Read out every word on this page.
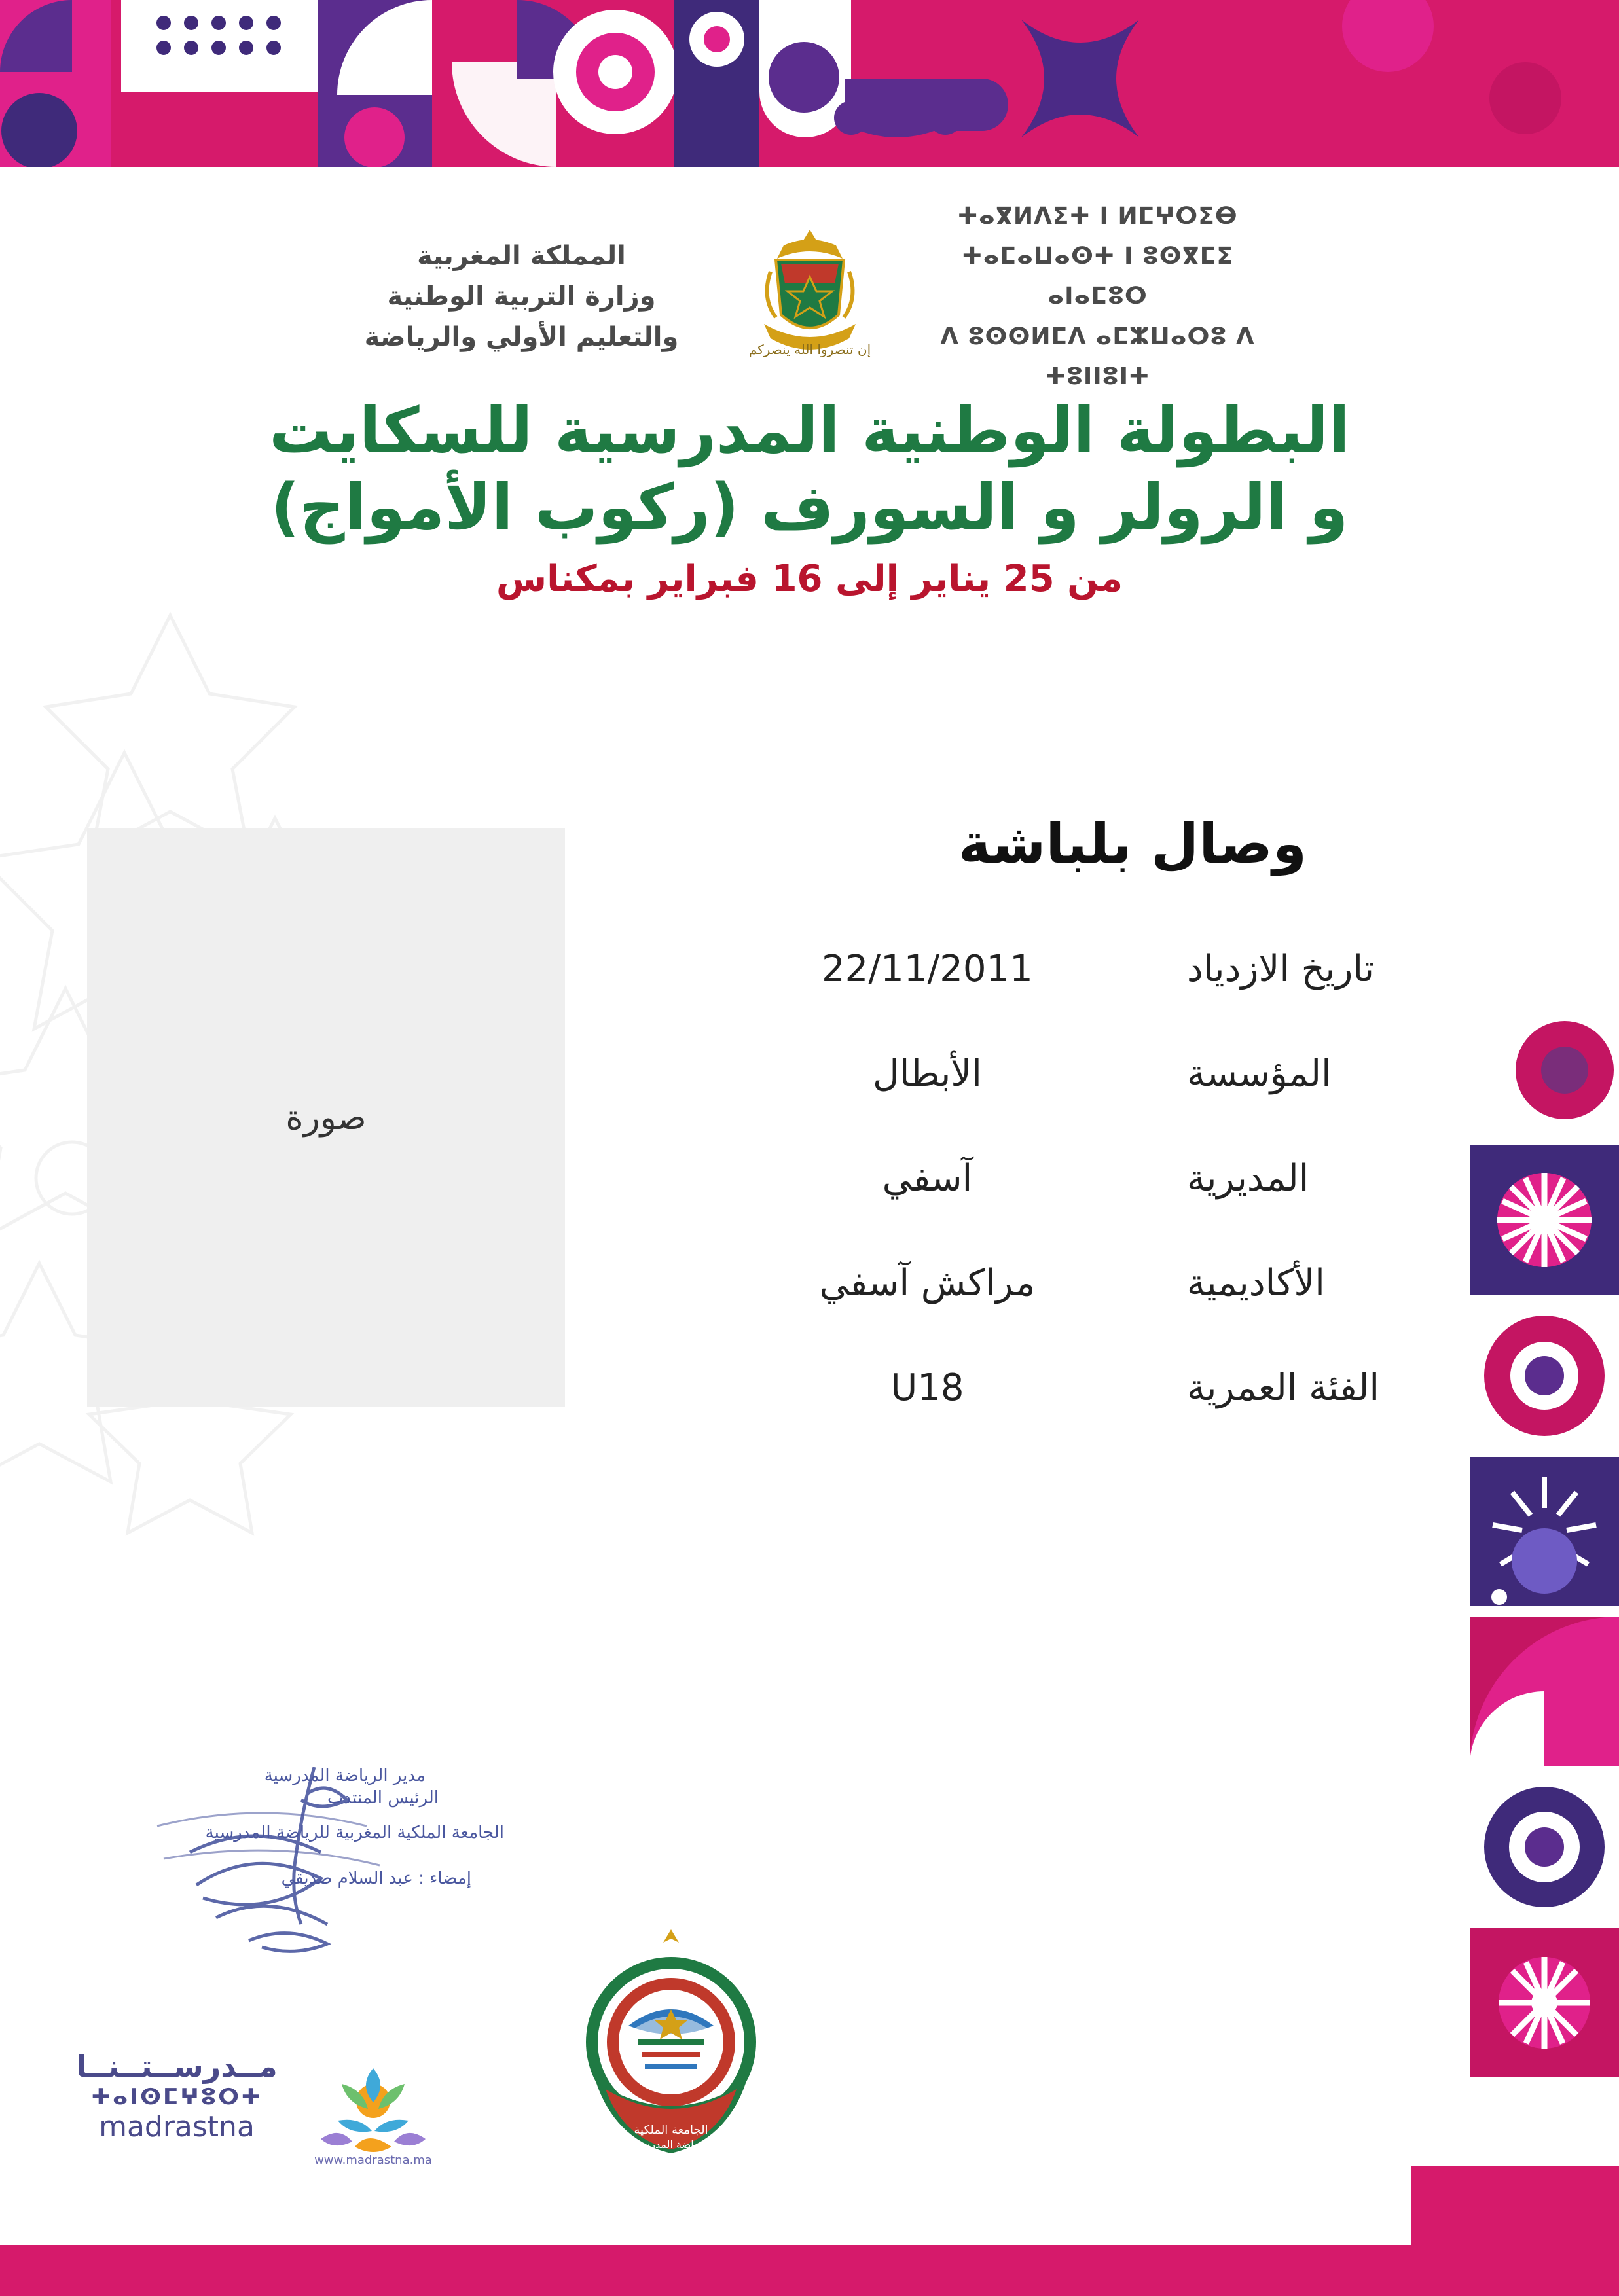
المملكة المغربية
وزارة التربية الوطنية
والتعليم الأولي والرياضة	إن تنصروا الله ينصركم
ⵜⴰⴳⵍⴷⵉⵜ ⵏ ⵍⵎⵖⵔⵉⴱ
ⵜⴰⵎⴰⵡⴰⵙⵜ ⵏ ⵓⵙⴳⵎⵉ ⴰⵏⴰⵎⵓⵔ
ⴷ ⵓⵙⵙⵍⵎⴷ ⴰⵎⵣⵡⴰⵔⵓ ⴷ ⵜⵓⵏⵏⵓⵏⵜ
البطولة الوطنية المدرسية للسكايت
و الرولر و السورف (ركوب الأمواج)
من 25 يناير إلى 16 فبراير بمكناس
وصال بلباشة
صورة
تاريخ الازدياد
22/11/2011
المؤسسة
الأبطال
المديرية
آسفي
الأكاديمية
مراكش آسفي
الفئة العمرية
U18
مدير الرياضة المدرسية
الرئيس المنتدب
الجامعة الملكية المغربية للرياضة المدرسية
إمضاء : عبد السلام صديقي
مــدرســتــنــا
ⵜⴰⵏⵙⵎⵖⵓⵔⵜ
madrastna
www.madrastna.ma
الجامعة الملكية
للرياضة المدرسية
